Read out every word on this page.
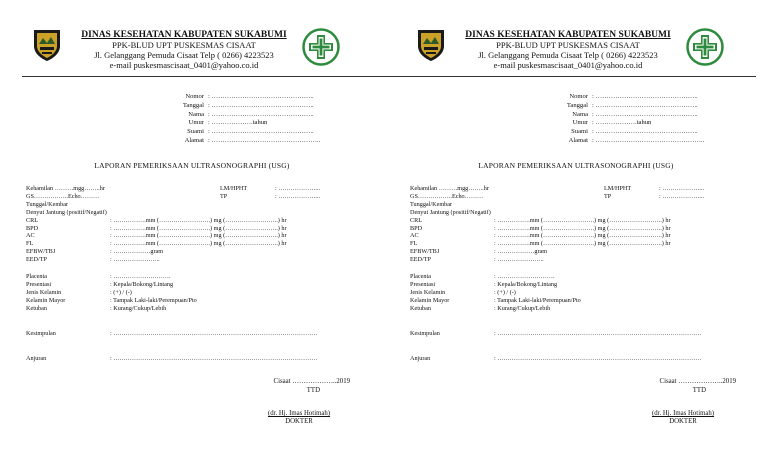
DINAS KESEHATAN KABUPATEN SUKABUMI
PPK-BLUD UPT PUSKESMAS CISAAT
Jl. Gelanggang Pemuda Cisaat Telp ( 0266) 4223523
e-mail puskesmascisaat_0401@yahoo.co.id
Nomor : ………………………………………..
Tanggal : ………………………………………..
Nama : ………………………………………..
Umur : ……………….tahun
Suami : ………………………………………..
Alamat : …………………………………………..
LAPORAN PEMERIKSAAN ULTRASONOGRAPHI (USG)
Kehamilan ………mgg……..hr	LM/HPHT	: ………………...
GS……………..Echo………	TP	: ………………...
Tunggal/Kembar
Denyut Jantung (positif/Negatif)
CRL	: …………….mm (…………………….) mg (……………………..) hr
BPD	: …………….mm (…………………….) mg (……………………..) hr
AC	: …………….mm (…………………….) mg (……………………..) hr
FL	: …………….mm (…………………….) mg (……………………..) hr
EFBW/TBJ	: ………………gram
EED/TP	: …………………..
Placenta	: ……………………….
Presentasi	: Kepala/Bokong/Lintang
Jenis Kelamin	: (+) / (-)
Kelamin Mayor	: Tampak Laki-laki/Perempuan/Pto
Ketuban	: Kurang/Cukup/Lebih
Kesimpulan	: ………………………………………………………………………………………
Anjuran	: ………………………………………………………………………………………
Cisaat ………………..2019
TTD
(dr. Hj. Imas Hotimah)
DOKTER
DINAS KESEHATAN KABUPATEN SUKABUMI
PPK-BLUD UPT PUSKESMAS CISAAT
Jl. Gelanggang Pemuda Cisaat Telp ( 0266) 4223523
e-mail puskesmascisaat_0401@yahoo.co.id
Nomor : ………………………………………..
Tanggal : ………………………………………..
Nama : ………………………………………..
Umur : ……………….tahun
Suami : ………………………………………..
Alamat : …………………………………………..
LAPORAN PEMERIKSAAN ULTRASONOGRAPHI (USG)
Kehamilan ………mgg……..hr	LM/HPHT	: ………………...
GS……………..Echo………	TP	: ………………...
Tunggal/Kembar
Denyut Jantung (positif/Negatif)
CRL	: …………….mm (…………………….) mg (……………………..) hr
BPD	: …………….mm (…………………….) mg (……………………..) hr
AC	: …………….mm (…………………….) mg (……………………..) hr
FL	: …………….mm (…………………….) mg (……………………..) hr
EFBW/TBJ	: ………………gram
EED/TP	: …………………..
Placenta	: ……………………….
Presentasi	: Kepala/Bokong/Lintang
Jenis Kelamin	: (+) / (-)
Kelamin Mayor	: Tampak Laki-laki/Perempuan/Pto
Ketuban	: Kurang/Cukup/Lebih
Kesimpulan	: ………………………………………………………………………………………
Anjuran	: ………………………………………………………………………………………
Cisaat ………………..2019
TTD
(dr. Hj. Imas Hotimah)
DOKTER
